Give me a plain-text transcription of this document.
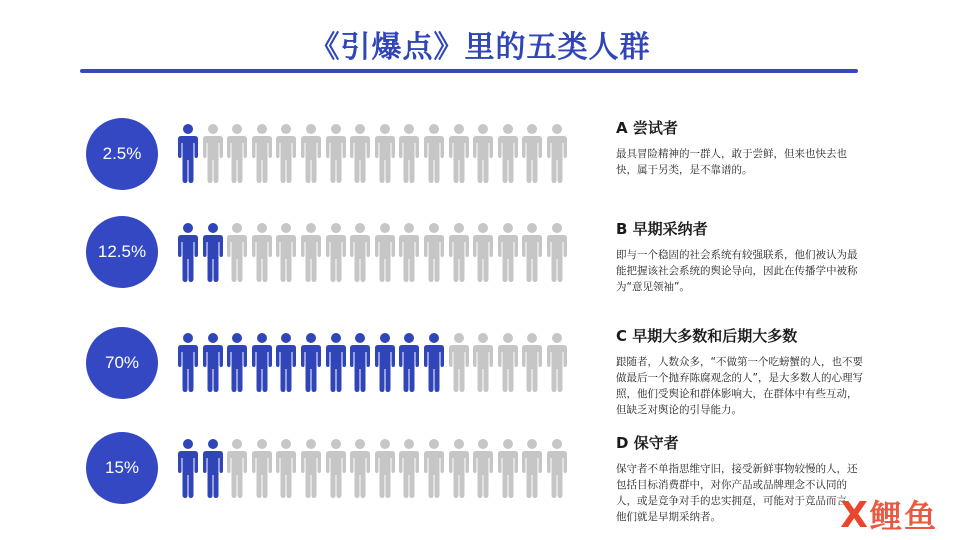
《引爆点》里的五类人群
2.5%

A 尝试者

最具冒险精神的一群人，敢于尝鲜，但来也快去也快，属于另类，是不靠谱的。

12.5%

B 早期采纳者

即与一个稳固的社会系统有较强联系，他们被认为最能把握该社会系统的舆论导向，因此在传播学中被称为“意见领袖”。

70%

C 早期大多数和后期大多数

跟随者，人数众多，“不做第一个吃螃蟹的人，也不要做最后一个抛弃陈腐观念的人”，是大多数人的心理写照，他们受舆论和群体影响大，在群体中有些互动，但缺乏对舆论的引导能力。

15%

D 保守者

保守者不单指思维守旧，接受新鲜事物较慢的人，还包括目标消费群中，对你产品或品牌理念不认同的人，或是竞争对手的忠实拥趸，可能对于竞品而言，他们就是早期采纳者。	X 鲤鱼
